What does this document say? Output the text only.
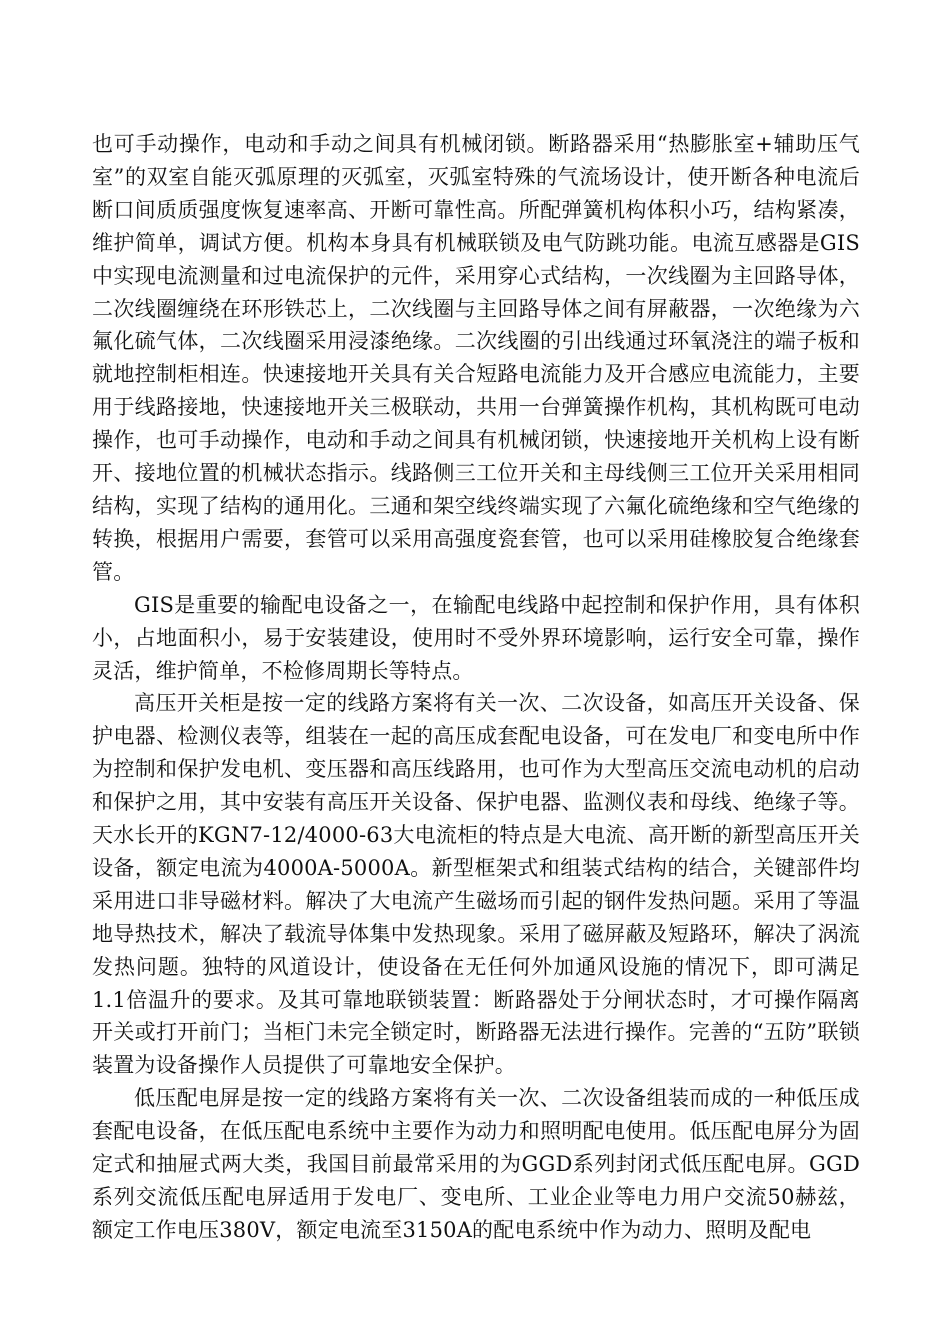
也可手动操作，电动和手动之间具有机械闭锁。断路器采用“热膨胀室+辅助压气室”的双室自能灭弧原理的灭弧室，灭弧室特殊的气流场设计，使开断各种电流后断口间质质强度恢复速率高、开断可靠性高。所配弹簧机构体积小巧，结构紧凑，维护简单，调试方便。机构本身具有机械联锁及电气防跳功能。电流互感器是GIS中实现电流测量和过电流保护的元件，采用穿心式结构，一次线圈为主回路导体，二次线圈缠绕在环形铁芯上，二次线圈与主回路导体之间有屏蔽器，一次绝缘为六氟化硫气体，二次线圈采用浸漆绝缘。二次线圈的引出线通过环氧浇注的端子板和就地控制柜相连。快速接地开关具有关合短路电流能力及开合感应电流能力，主要用于线路接地，快速接地开关三极联动，共用一台弹簧操作机构，其机构既可电动操作，也可手动操作，电动和手动之间具有机械闭锁，快速接地开关机构上设有断开、接地位置的机械状态指示。线路侧三工位开关和主母线侧三工位开关采用相同结构，实现了结构的通用化。三通和架空线终端实现了六氟化硫绝缘和空气绝缘的转换，根据用户需要，套管可以采用高强度瓷套管，也可以采用硅橡胶复合绝缘套管。

GIS是重要的输配电设备之一，在输配电线路中起控制和保护作用，具有体积小，占地面积小，易于安装建设，使用时不受外界环境影响，运行安全可靠，操作灵活，维护简单，不检修周期长等特点。

高压开关柜是按一定的线路方案将有关一次、二次设备，如高压开关设备、保护电器、检测仪表等，组装在一起的高压成套配电设备，可在发电厂和变电所中作为控制和保护发电机、变压器和高压线路用，也可作为大型高压交流电动机的启动和保护之用，其中安装有高压开关设备、保护电器、监测仪表和母线、绝缘子等。天水长开的KGN7-12/4000-63大电流柜的特点是大电流、高开断的新型高压开关设备，额定电流为4000A-5000A。新型框架式和组装式结构的结合，关键部件均采用进口非导磁材料。解决了大电流产生磁场而引起的钢件发热问题。采用了等温地导热技术，解决了载流导体集中发热现象。采用了磁屏蔽及短路环，解决了涡流发热问题。独特的风道设计，使设备在无任何外加通风设施的情况下，即可满足1.1倍温升的要求。及其可靠地联锁装置：断路器处于分闸状态时，才可操作隔离开关或打开前门；当柜门未完全锁定时，断路器无法进行操作。完善的“五防”联锁装置为设备操作人员提供了可靠地安全保护。

低压配电屏是按一定的线路方案将有关一次、二次设备组装而成的一种低压成套配电设备，在低压配电系统中主要作为动力和照明配电使用。低压配电屏分为固定式和抽屉式两大类，我国目前最常采用的为GGD系列封闭式低压配电屏。GGD系列交流低压配电屏适用于发电厂、变电所、工业企业等电力用户交流50赫兹，额定工作电压380V，额定电流至3150A的配电系统中作为动力、照明及配电
